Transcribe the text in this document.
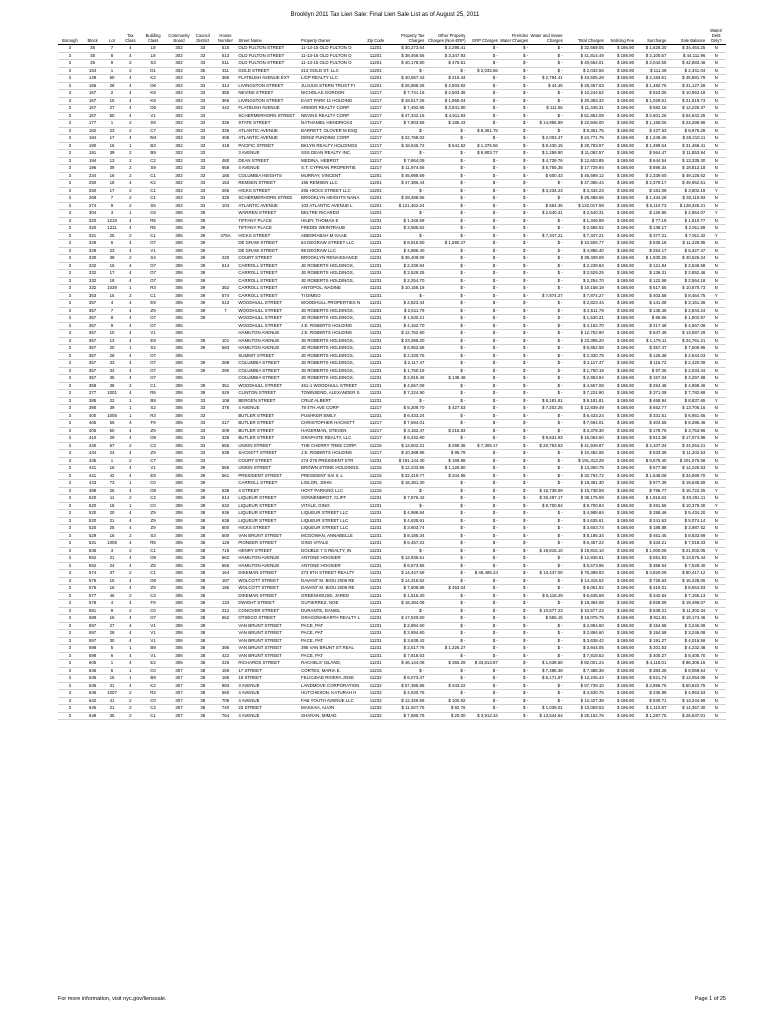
Brooklyn 2011 Tax Lien Sale: Final Lien Sale List as of August 25, 2011
Borough	Block	Lot	Tax Class	Building Class	Community Board	Council District	House Number	Street Name	Property Owner	Zip Code	Property Tax Charges	Other Property Charges (Non-ERP)	ERP Charges	Fire/Idex Water Charges	Water and Sewer Charges	Total Charges	Noticing Fee	Surcharge	Sale Balance	Water/ Debt Only?
3	35	7	4	L8	302	33	515	OLD FULTON STREET	11-13-15 OLD FULTON O	11201	$ 30,273.64	$ 2,295.41	$ -	$ -	$ -	$ 32,569.05	$ 186.90	$ 1,628.30	$ 34,464.25	N
3	35	8	4	L8	302	33	513	OLD FULTON STREET	11-13-15 OLD FULTON O	11201	$ 38,466.56	$ 3,347.93	$ -	$ -	$ -	$ 41,814.49	$ 186.90	$ 2,100.57	$ 44,111.96	N
3	35	9	2	S3	302	33	511	OLD FULTON STREET	11-13-15 OLD FULTON O	11201	$ 40,178.50	$ 475.51	$ -	$ -	$ -	$ 40,654.01	$ 186.90	$ 2,042.55	$ 42,883.46	N
3	154	1	2	D1	302	35	311	GOLD STREET	313 GOLD ST. LLC	11201	$ -	$ -	$ 2,032.66	$ -	$ -	$ 2,032.66	$ 186.90	$ 111.48	$ 2,341.04	N
3	149	50	4	K2	302	33	386	FLATBUSH AVENUE EXT	LICP REALTY LLC	11201	$ 40,557.43	$ 215.44	$ -	$ -	$ 2,794.41	$ 43,505.28	$ 186.90	$ 2,183.61	$ 45,881.79	N
3	166	28	4	O6	302	33	314	LIVINGSTON STREET	JUJUUS STERN TRUST FI	11201	$ 26,888.26	$ 2,503.92	$ -	$ -	$ 44.45	$ 29,457.63	$ 186.90	$ 1,482.75	$ 31,127.28	N
3	167	2	4	K9	302	33	355	NEVINS STREET	NICHOLAS GORDON	11217	$ 7,741.16	$ 2,503.36	$ -	$ -	$ -	$ 10,244.52	$ 186.90	$ 523.06	$ 10,953.18	N
3	167	15	4	K9	302	33	366	LIVINGSTON STREET	EAST PARK 11 HOLDING	11217	$ 18,517.26	$ 1,856.04	$ -	$ -	$ -	$ 20,393.32	$ 186.90	$ 1,029.51	$ 21,619.73	N
3	167	27	4	O6	302	33	442	FLATBUSH AVENUE	ARMOR REALTY CORP	11217	$ 7,492.85	$ 3,841.90	$ -	$ -	$ 111.56	$ 11,446.31	$ 186.90	$ 582.16	$ 12,225.37	N
3	167	50	4	V1	302	33		SCHERMERHORN STREET	NEVINS REALTY CORP	11217	$ 47,342.16	$ 4,511.93	$ -	$ -	$ -	$ 51,854.09	$ 186.90	$ 2,601.26	$ 54,642.25	N
3	177	1	2	S9	302	33	336	STATE STREET	NATHANIEL HENDRICKS	11217	$ 7,803.68	$ 185.43	$ -	$ -	$ 14,956.89	$ 22,946.00	$ 186.90	$ 1,156.06	$ 24,288.96	N
3	182	23	2	C7	302	33	336	ATLANTIC AVENUE	BARRETT, OLOVER M ESQ	11217	$ -	$ -	$ 8,361.75	$ -	$ -	$ 8,361.75	$ 186.90	$ 427.63	$ 8,976.28	N
3	184	17	4	W4	302	33	408	ATLANTIC AVENUE	DENIZ FUNDING CORP	11217	$ 22,768.02	$ -	$ -	$ -	$ 2,003.47	$ 24,771.76	$ 186.90	$ 1,249.46	$ 26,210.11	N
3	190	16	1	B3	302	33	418	PACIFIC STREET	BKLYN REALTY HOLDINGS	11217	$ 18,545.72	$ 541.52	$ 1,376.56	$ -	$ 9,430.15	$ 29,783.97	$ 186.90	$ 1,499.54	$ 31,468.41	N
3	191	39	2	B9	302	33		3 AVENUE	SSS DEAN REALTY INC.	11217	$ -	$ -	$ 9,803.77	$ -	$ 1,258.80	$ 11,062.57	$ 186.90	$ 564.47	$ 11,853.94	N
3	194	13	2	C2	302	33	480	DEAN STREET	MEDINA, HEBROT	11217	$ 7,864.09	$ -	$ -	$ -	$ 4,739.76	$ 12,603.85	$ 186.90	$ 644.54	$ 13,335.30	N
3	196	39	2	S9	302	33	658	4 AVENUE	S.T. CYPRIAN PROPERTIE	11217	$ 11,974.56	$ -	$ -	$ -	$ 5,755.38	$ 17,729.94	$ 186.90	$ 896.34	$ 18,813.18	N
3	234	16	2	C1	302	33	185	COLUMBIA HEIGHTS	MURRAY, VINCENT	11201	$ 45,998.69	$ -	$ -	$ -	$ 600.43	$ 46,599.12	$ 186.90	$ 2,339.60	$ 49,125.62	N
3	250	18	4	K2	302	33	153	REMSEN STREET	155 REMSEN LLC	11201	$ 47,386.44	$ -	$ -	$ -	$ -	$ 47,386.44	$ 186.90	$ 2,379.17	$ 49,952.51	N
3	250	17	2	C1	302	33	265	HICKS STREET	265 HICKS STREET LLC	11201	$ -	$ -	$ -	$ -	$ 3,434.23	$ 3,434.23	$ 186.90	$ 181.08	$ 3,802.19	Y
3	268	7	2	C1	302	33	329	SCHERMERHORN STREE	BROOKLYN HEIGHTS NANA	11201	$ 28,488.65	$ -	$ -	$ -	$ -	$ 28,488.65	$ 186.90	$ 1,434.28	$ 30,119.83	N
3	274	9	2	S5	302	33	103	ATLANTIC AVENUE	103 ATLANTIC AVENUE L	11201	$ 121,462.24	$ -	$ -	$ -	$ 554.35	$ 122,017.59	$ 186.90	$ 6,110.73	$ 128,325.21	N
3	304	3	1	C6	306	39		WARREN STREET	BELTRE RICARDO	11201	$ -	$ -	$ -	$ -	$ 2,540.31	$ 2,540.31	$ 186.90	$ 126.86	$ 2,854.07	Y
3	320	1216	4	R5	306	39		TIFFANY PLACE	HILBY, THOMAS E	11231	$ 1,346.69	$ -	$ -	$ -	$ -	$ 1,346.69	$ 186.90	$ 77.18	$ 1,610.77	N
3	320	1211	4	R5	306	39		TIFFANY PLACE	FREDDI WEINTRAUB	11231	$ 2,586.52	$ -	$ -	$ -	$ -	$ 2,586.52	$ 186.90	$ 138.17	$ 2,911.59	N
3	321	25	2	C1	306	39	475A	HICKS STREET	ABBORABAH M GAAB	11231	$ -	$ -	$ -	$ -	$ 7,347.21	$ 7,347.21	$ 186.90	$ 377.21	$ 7,911.32	Y
3	329	6	4	O7	306	39		DE GRAW STREET	64 DEGRAW STREET LLC	11231	$ 8,916.50	$ 1,590.27	$ -	$ -	$ -	$ 10,506.77	$ 186.90	$ 535.18	$ 11,228.85	N
3	329	23	4	V1	306	39		DE GRAW STREET	98 DEGRAW LLC	11231	$ 4,886.40	$ -	$ -	$ -	$ -	$ 4,886.40	$ 186.90	$ 254.17	$ 5,327.47	N
3	330	38	2	S4	306	39	220	COURT STREET	BROOKLYN RENAISSANCE	11231	$ 38,409.09	$ -	$ -	$ -	$ -	$ 38,409.09	$ 186.90	$ 1,930.25	$ 40,526.24	N
3	332	16	4	O7	306	39	614	CARROLL STREET	JE ROBERTS HOLDINGS,	11231	$ 2,239.84	$ -	$ -	$ -	$ -	$ 2,239.84	$ 186.90	$ 121.84	$ 2,548.58	N
3	332	17	4	O7	306	39		CARROLL STREET	JE ROBERTS HOLDINGS,	11231	$ 2,529.25	$ -	$ -	$ -	$ -	$ 2,529.25	$ 186.90	$ 136.31	$ 2,852.46	N
3	332	18	4	O7	306	39		CARROLL STREET	JE ROBERTS HOLDINGS,	11231	$ 2,254.70	$ -	$ -	$ -	$ -	$ 2,254.70	$ 186.90	$ 122.58	$ 2,564.18	N
3	332	1039	1	R3	306	39	352	CARROLL STREET	ANTOPOL, NADINE	11231	$ 10,158.18	$ -	$ -	$ -	$ -	$ 10,158.18	$ 186.90	$ 517.65	$ 10,870.73	N
3	353	15	2	C1	306	39	574	CARROLL STREET	TI DIMEO	11231	$ -	$ -	$ -	$ -	$ 7,874.27	$ 7,874.27	$ 186.90	$ 403.58	$ 8,464.75	Y
3	357	4	4	E9	306	39	513	WOODHULL STREET	WOODHULL PROPERTIES N	11231	$ 2,823.44	$ -	$ -	$ -	$ -	$ 2,823.44	$ 186.90	$ 141.08	$ 3,161.36	N
3	357	7	4	Z9	306	39	7	WOODHULL STREET	JE ROBERTS HOLDINGS,	11231	$ 2,511.79	$ -	$ -	$ -	$ -	$ 2,511.79	$ 186.90	$ 135.45	$ 2,844.24	N
3	357	8	4	O7	306	39		WOODHULL STREET	JE ROBERTS HOLDINGS,	11231	$ 1,530.21	$ -	$ -	$ -	$ -	$ 1,530.21	$ 186.90	$ 85.86	$ 1,802.97	N
3	357	9	4	O7	306			WOODHULL STREET	J.E. ROBERTS HOLDING	11231	$ 4,152.70	$ -	$ -	$ -	$ -	$ 4,152.70	$ 186.90	$ 217.48	$ 4,567.08	N
3	357	10	4	V1	306			HAMILTON AVENUE	J.E. ROBERTS HOLDING	11231	$ 12,752.90	$ -	$ -	$ -	$ -	$ 12,752.90	$ 186.90	$ 647.49	$ 13,597.29	N
3	357	13	4	E9	306	39	101	HAMILTON AVENUE	JE ROBERTS HOLDINGS,	11231	$ 23,395.20	$ -	$ -	$ -	$ -	$ 23,395.20	$ 186.90	$ 1,179.11	$ 24,761.21	N
3	357	20	1	S2	306	39	683	HAMILTON AVENUE	JE ROBERTS HOLDINGS,	11231	$ 6,952.58	$ -	$ -	$ -	$ -	$ 6,952.58	$ 186.90	$ 357.47	$ 7,506.95	N
3	357	28	4	O7	306			SUMMIT STREET	JE ROBERTS HOLDINGS,	11231	$ 2,330.75	$ -	$ -	$ -	$ -	$ 2,330.75	$ 186.90	$ 126.38	$ 2,644.03	N
3	357	33	4	O7	306	39	288	COLUMBIA STREET	JE ROBERTS HOLDINGS,	11231	$ 2,117.47	$ -	$ -	$ -	$ -	$ 2,117.47	$ 186.90	$ 115.72	$ 2,420.09	N
3	357	34	4	O7	306	39	290	COLUMBIA STREET	JE ROBERTS HOLDINGS,	11231	$ 1,750.19	$ -	$ -	$ -	$ -	$ 1,750.19	$ 186.90	$ 97.35	$ 2,034.44	N
3	357	35	4	O7	306			COLUMBIA STREET	JE ROBERTS HOLDINGS,	11231	$ 2,815.46	$ 138.48	$ -	$ -	$ -	$ 2,953.94	$ 186.90	$ 157.04	$ 3,297.88	N
3	358	38	2	C1	306	39	351	WOODHULL STREET	461-1 WOODHULL STREET	11231	$ 4,557.08	$ -	$ -	$ -	$ -	$ 4,557.08	$ 186.90	$ 254.48	$ 4,998.46	N
3	377	1001	4	R5	306	39	529	CLINTON STREET	TOWNSEND, ALEXANDER S	11231	$ 7,224.90	$ -	$ -	$ -	$ -	$ 7,224.90	$ 186.90	$ 371.09	$ 7,782.89	N
3	385	22	1	B9	306	33	108	BERGEN STREET	CRUZ ALBERT	11231	$ -	$ -	$ -	$ -	$ 8,181.81	$ 8,181.81	$ 186.90	$ 468.94	$ 8,837.65	Y
3	390	39	1	S2	306	33	376	4 AVENUE	78 4TH AVE CORP	11217	$ 5,209.70	$ 427.53	$ -	$ -	$ 7,202.26	$ 12,839.49	$ 186.90	$ 652.77	$ 13,706.16	N
3	400	1005	1	R3	306	33		BUTLER STREET	PUSHKER EMILY	11231	$ 6,433.24	$ -	$ -	$ -	$ -	$ 6,433.24	$ 186.90	$ 331.51	$ 6,951.65	N
3	405	56	4	F9	306	33	217	BUTLER STREET	CHRISTOPHER HACKETT	11217	$ 7,694.01	$ -	$ -	$ -	$ -	$ 7,694.01	$ 186.90	$ 404.55	$ 8,285.46	N
3	405	60	4	Z9	306	33	209	BUTLER STREET	HAGERMAN, STEVEN	11217	$ 3,162.47	$ 215.83	$ -	$ -	$ -	$ 3,378.30	$ 186.90	$ 178.76	$ 3,753.96	N
3	410	29	4	O9	306	33	328	BUTLER STREET	GRAPHITE REALTY, LLC	11217	$ 6,432.80	$ -	$ -	$ -	$ 9,631.93	$ 16,064.60	$ 186.90	$ 813.38	$ 17,074.88	N
3	430	57	2	C3	306	33	555	UNION STREET	THE CHERRY TREE CORP.	11215	$ 13,602.21	$ 299.36	$ 7,305.17	$ -	$ 20,753.53	$ 41,949.87	$ 186.90	$ 2,107.34	$ 44,254.21	N
3	434	24	4	Z9	306	33	638	SACKETT STREET	J.E. ROBERTS HOLDING	11217	$ 10,388.86	$ 95.79	$ -	$ -	$ -	$ 10,482.65	$ 186.90	$ 533.38	$ 11,202.53	N
3	435	1	2	C7	306	33		COURT STREET	274-275 PRESIDENT STR	11231	$ 191,144.40	$ 168.88	$ -	$ -	$ -	$ 191,313.28	$ 186.90	$ 9,575.40	$ 201,075.58	N
3	441	16	4	V1	306	39	565	UNION STREET	BROWN STONE HOLDINGS,	11215	$ 12,233.95	$ 1,126.80	$ -	$ -	$ -	$ 13,360.75	$ 186.90	$ 677.88	$ 14,225.53	N
3	441	42	4	E9	306	39	561	PRESIDENT STREET	PRESIDENT SAI II, L	11215	$ 32,419.77	$ 344.95	$ -	$ -	$ -	$ 32,764.72	$ 186.90	$ 1,648.08	$ 34,599.70	N
3	443	73	1	C0	306	39		CARROLL STREET	LIGLOR, JOHN	11215	$ 18,381.30	$ -	$ -	$ -	$ -	$ 18,381.30	$ 186.90	$ 977.39	$ 19,545.59	N
3	488	25	4	O8	306	39	638	4 STREET	HOYT PARKING LLC	11215	$ -	$ -	$ -	$ -	$ 15,738.59	$ 15,738.59	$ 186.90	$ 796.77	$ 16,722.25	Y
3	520	11	2	C2	306	39	614	LIQUEUR STREET	SONNENBROT, CLIFF	11231	$ 7,876.42	$ -	$ -	$ -	$ 30,497.17	$ 38,175.59	$ 186.90	$ 1,916.62	$ 40,291.11	N
3	520	18	1	C0	306	38	632	LIQUEUR STREET	VITALE, GINO	11231	$ -	$ -	$ -	$ -	$ 9,700.84	$ 9,700.84	$ 186.90	$ 491.56	$ 10,379.30	Y
3	520	20	4	Z9	306	38	636	LIQUEUR STREET	LIQUEUR STREET LLC	11231	$ 4,988.84	$ -	$ -	$ -	$ -	$ 4,988.84	$ 186.90	$ 258.46	$ 5,434.20	N
3	520	21	4	Z9	306	38	638	LIQUEUR STREET	LIQUEUR STREET LLC	11231	$ 4,635.61	$ -	$ -	$ -	$ -	$ 4,635.61	$ 186.90	$ 241.63	$ 5,074.14	N
3	520	25	4	Z9	306	38	600	HICKS STREET	LIQUEUR STREET LLC	11231	$ 3,603.74	$ -	$ -	$ -	$ -	$ 3,603.74	$ 186.90	$ 188.88	$ 3,987.52	N
3	529	16	2	S3	306	38	500	VAN BRUNT STREET	MCGOWAN, ANNABELLE	11231	$ 8,185.34	$ -	$ -	$ -	$ -	$ 8,185.34	$ 186.90	$ 461.45	$ 8,833.69	N
3	531	1005	4	R5	306	38	128	PIONEER STREET	GINO VITALE	11231	$ 6,457.22	$ -	$ -	$ -	$ -	$ 6,457.22	$ 186.90	$ 334.21	$ 7,018.33	N
3	536	3	2	C1	306	38	719	HENRY STREET	DOUBLE 7 S REALTY, IN	11231	$ -	$ -	$ -	$ -	$ 19,815.10	$ 19,815.10	$ 186.90	$ 1,000.05	$ 21,002.05	Y
3	552	21	4	O9	306	38	562	HAMILTON AVENUE	ANTONE HOOSIER	11231	$ 12,836.61	$ -	$ -	$ -	$ -	$ 12,836.61	$ 186.90	$ 651.93	$ 13,675.44	N
3	552	24	4	Z5	306	38	556	HAMILTON AVENUE	ANTONE HOOSIER	11231	$ 6,573.96	$ -	$ -	$ -	$ -	$ 6,573.96	$ 186.90	$ 358.54	$ 7,529.40	N
3	574	37	2	C1	306	38	164	DIKEMAN STREET	373 9TH STREET REALTY	11231	$ 14,447.59	$ -	$ 48,495.24	$ -	$ 13,447.00	$ 76,389.83	$ 186.90	$ 3,820.09	$ 80,417.12	N
3	576	15	4	O8	306	38	187	WOLCOTT STREET	DAVANT M. BIOU 2006 RE	11231	$ 14,315.52	$ -	$ -	$ -	$ -	$ 14,315.52	$ 186.90	$ 725.63	$ 15,228.05	N
3	576	16	4	Z9	306	38	185	WOLCOTT STREET	DAVANT M. BIOU 2006 RE	11231	$ 7,608.88	$ 453.04	$ -	$ -	$ -	$ 8,061.92	$ 186.90	$ 416.01	$ 8,664.83	N
3	577	46	2	C3	306	38		DIKEMAN STREET	GREENHOUSE, JARED	11231	$ 1,516.30	$ -	$ -	$ -	$ 5,118.29	$ 6,635.59	$ 186.90	$ 342.64	$ 7,165.13	N
3	578	4	4	F9	306	38	133	DWIGHT STREET	GUTIERREZ, NOE	11231	$ 18,384.08	$ -	$ -	$ -	$ -	$ 18,384.08	$ 186.90	$ 928.09	$ 19,499.07	N
3	581	9	2	C0	306	38	212	CONOVER STREET	DURANTE, DANIEL	11231	$ -	$ -	$ -	$ -	$ 10,577.23	$ 10,577.23	$ 186.90	$ 538.21	$ 11,302.34	Y
3	589	16	4	O7	306	38	662	OTSEGO STREET	GRAGONHEARTH REALTY L	11231	$ 17,520.60	$ -	$ -	$ -	$ 555.15	$ 18,075.75	$ 186.90	$ 911.81	$ 19,174.46	N
3	597	27	4	V1	306	38		VAN BRUNT STREET	PACE, PAT	11231	$ 2,894.60	$ -	$ -	$ -	$ -	$ 2,894.60	$ 186.90	$ 154.58	$ 3,246.08	N
3	597	28	4	V1	306	38		VAN BRUNT STREET	PACE, PAT	11231	$ 2,894.60	$ -	$ -	$ -	$ -	$ 2,894.60	$ 186.90	$ 154.58	$ 3,246.08	N
3	597	30	4	V1	306	38		VAN BRUNT STREET	PACE, PAT	11231	$ 3,638.42	$ -	$ -	$ -	$ -	$ 3,638.42	$ 186.90	$ 191.27	$ 4,016.59	N
3	598	5	1	B9	306	38	395	VAN BRUNT STREET	395 VAN BRUNT ST REAL	11231	$ 2,517.78	$ 1,326.27	$ -	$ -	$ -	$ 3,844.05	$ 186.90	$ 201.53	$ 4,232.48	N
3	598	6	4	V1	306	38	422	VAN BRUNT STREET	PACE, PAT	11231	$ 7,818.53	$ -	$ -	$ -	$ -	$ 7,818.53	$ 186.90	$ 400.27	$ 8,405.70	N
3	605	1	4	E2	306	38	225	RICHARDS STREET	RACHELS' ISLAND,	11231	$ 46,144.08	$ 355.29	$ 33,813.87	$ -	$ 1,638.60	$ 82,001.24	$ 186.90	$ 4,118.01	$ 86,306.15	N
3	636	6	1	C0	307	38	159	17 STREET	CORTES, MARIA E.	11215	$ -	$ -	$ -	$ -	$ 7,488.38	$ 7,488.38	$ 186.90	$ 384.26	$ 8,059.54	Y
3	636	15	1	B9	307	38	185	19 STREET	FELICIDAD RIVERA JOSE	11232	$ 6,073.47	$ -	$ -	$ -	$ 6,171.87	$ 12,245.44	$ 186.90	$ 621.74	$ 13,054.08	N
3	636	31	4	K2	307	38	893	3 AVENUE	LANDMOVE CORPORATION	11232	$ 57,395.88	$ 343.22	$ -	$ -	$ -	$ 57,739.10	$ 186.90	$ 2,896.75	$ 60,822.75	N
3	636	1007	2	R2	307	38	660	4 AVENUE	HUTCHESON, KATURAH H	11232	$ 4,530.75	$ -	$ -	$ -	$ -	$ 4,530.75	$ 186.90	$ 235.88	$ 4,953.53	N
3	642	41	2	C0	307	38	706	4 AVENUE	FAB YOUTH AVENUE LLC	11232	$ 12,326.56	$ 100.82	$ -	$ -	$ -	$ 12,427.38	$ 186.90	$ 630.71	$ 13,244.99	N
3	646	21	2	C2	307	38	740	23 STREET	MASSAH, ALVIN	11232	$ 11,927.76	$ 92.76	$ -	$ -	$ 1,039.01	$ 13,059.53	$ 186.90	$ 1,110.87	$ 14,357.30	N
3	648	35	2	C1	307	38	764	4 AVENUE	SHARAN, MIMAD	11232	$ 7,685.78	$ 20.00	$ 3,912.34	$ -	$ 13,544.64	$ 25,162.76	$ 186.90	$ 1,287.75	$ 26,637.01	N
For more information, visit nyc.gov/lienssale.	Page 1 of 25
